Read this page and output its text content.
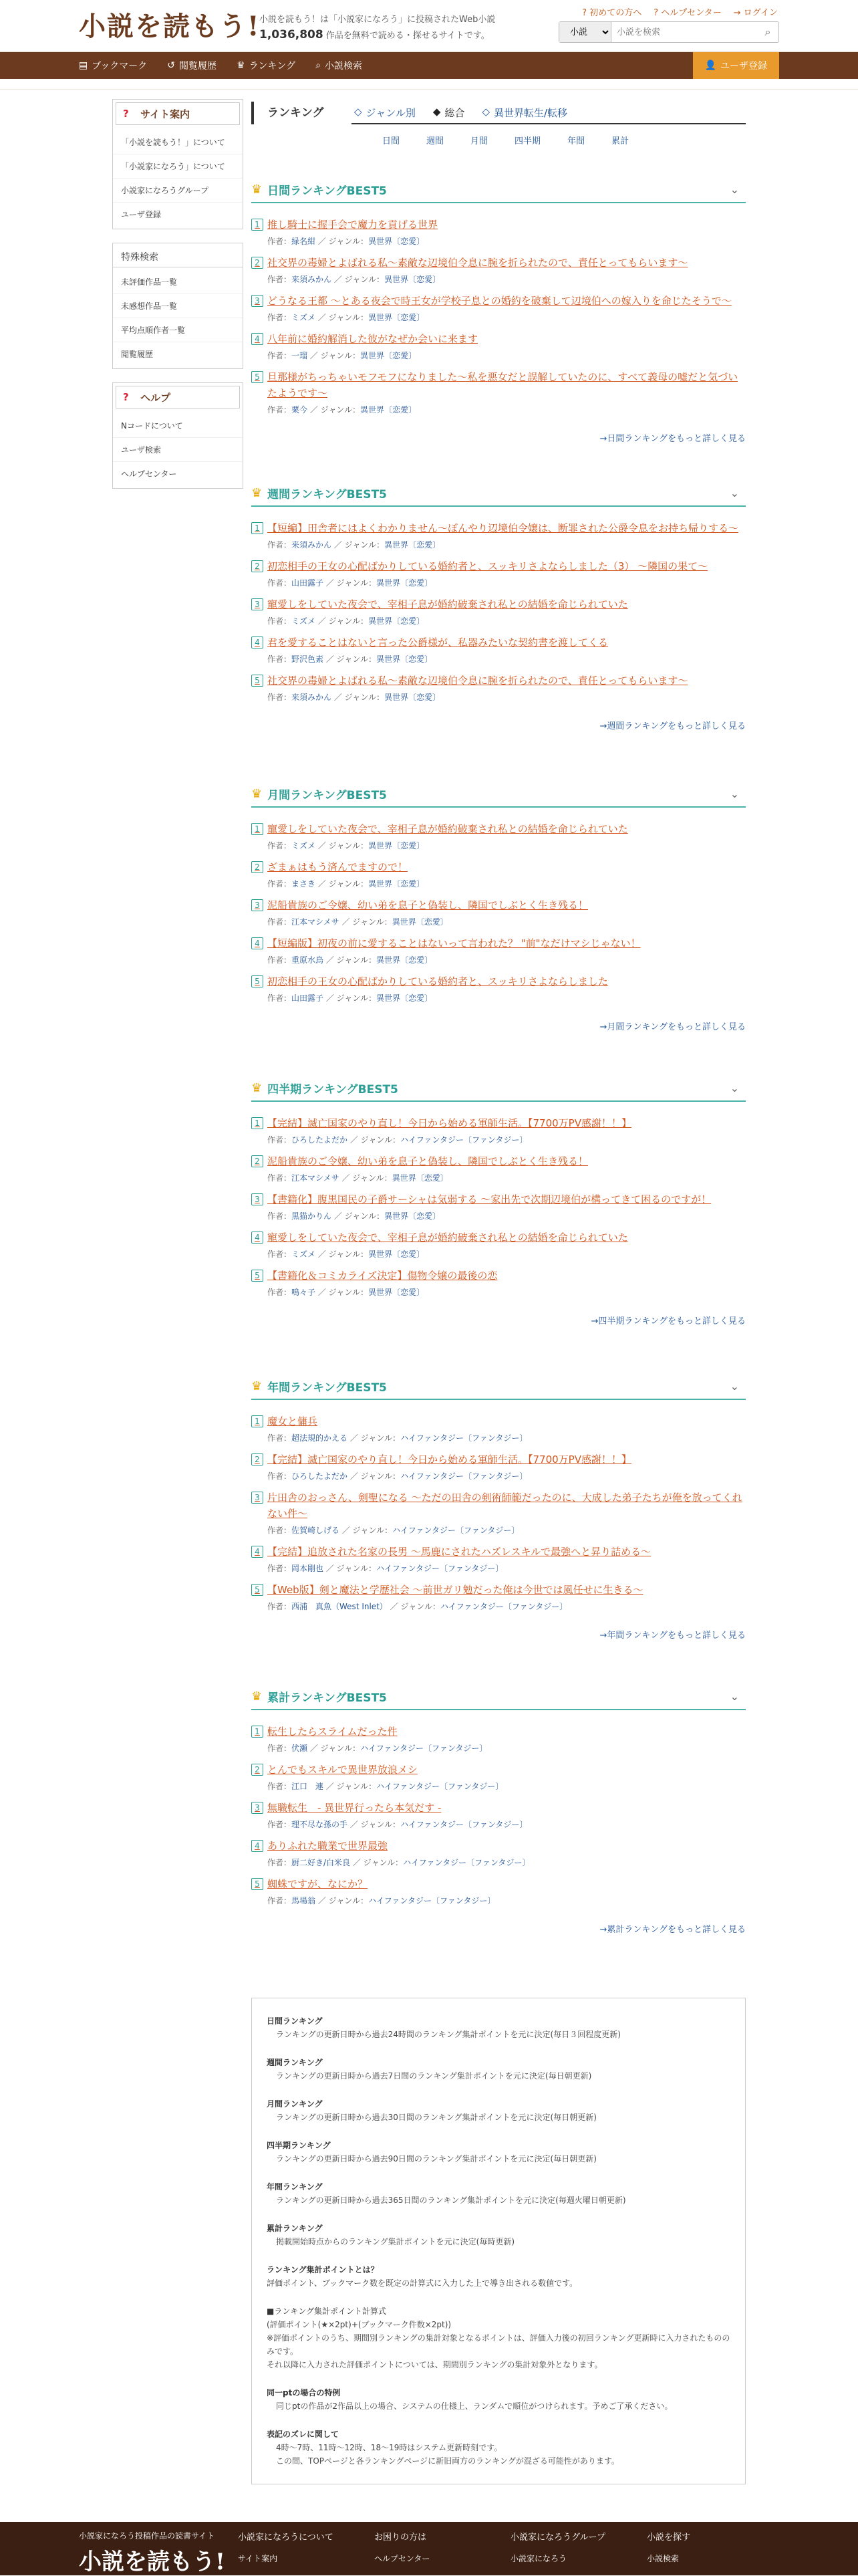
小説を読もう!
小説を読もう！は「小説家になろう」に投稿されたWeb小説
1,036,808 作品を無料で読める・探せるサイトです。
? 初めての方へ ? ヘルプセンター → ログイン
小説
小説を検索
⌕
▤ ブックマーク ↺ 閲覧履歴 ♛ ランキング ⌕ 小説検索	👤 ユーザ登録
?	サイト案内
「小説を読もう！」について
「小説家になろう」について
小説家になろうグループ
ユーザ登録
特殊検索
未評価作品一覧
未感想作品一覧
平均点順作者一覧
閲覧履歴
?	ヘルプ
Nコードについて
ユーザ検索
ヘルプセンター
ランキング	◇ ジャンル別 ◆ 総合 ◇ 異世界転生/転移
日間	週間	月間	四半期	年間	累計
♛ 日間ランキングBEST5	⌄
1 推し騎士に握手会で魔力を貢げる世界
作者：緑名紺 ／ ジャンル：異世界〔恋愛〕
2 社交界の毒婦とよばれる私〜素敵な辺境伯令息に腕を折られたので、責任とってもらいます〜
作者：来須みかん ／ ジャンル：異世界〔恋愛〕
3 どうなる王都 〜とある夜会で時王女が学校子息との婚約を破棄して辺境伯への嫁入りを命じたそうで〜
作者：ミズメ ／ ジャンル：異世界〔恋愛〕
4 八年前に婚約解消した彼がなぜか会いに来ます
作者：一瑠 ／ ジャンル：異世界〔恋愛〕
5 旦那様がちっちゃいモフモフになりました〜私を悪女だと誤解していたのに、すべて義母の嘘だと気づいたようです〜
作者：栗今 ／ ジャンル：異世界〔恋愛〕
→日間ランキングをもっと詳しく見る
♛ 週間ランキングBEST5	⌄
1 【短編】田舎者にはよくわかりません〜ぼんやり辺境伯令嬢は、断罪された公爵令息をお持ち帰りする〜
作者：来須みかん ／ ジャンル：異世界〔恋愛〕
2 初恋相手の王女の心配ばかりしている婚約者と、スッキリさよならしました（3） 〜隣国の果て〜
作者：山田露子 ／ ジャンル：異世界〔恋愛〕
3 寵愛しをしていた夜会で、宰相子息が婚約破棄され私との結婚を命じられていた
作者：ミズメ ／ ジャンル：異世界〔恋愛〕
4 君を愛することはないと言った公爵様が、私器みたいな契約書を渡してくる
作者：野沢色素 ／ ジャンル：異世界〔恋愛〕
5 社交界の毒婦とよばれる私〜素敵な辺境伯令息に腕を折られたので、責任とってもらいます〜
作者：来須みかん ／ ジャンル：異世界〔恋愛〕
→週間ランキングをもっと詳しく見る
♛ 月間ランキングBEST5	⌄
1 寵愛しをしていた夜会で、宰相子息が婚約破棄され私との結婚を命じられていた
作者：ミズメ ／ ジャンル：異世界〔恋愛〕
2 ざまぁはもう済んでますので！
作者：まさき ／ ジャンル：異世界〔恋愛〕
3 泥船貴族のご令嬢、幼い弟を息子と偽装し、隣国でしぶとく生き残る！
作者：江本マシメサ ／ ジャンル：異世界〔恋愛〕
4 【短編版】初夜の前に愛することはないって言われた？ "前"なだけマシじゃない！
作者：重原水鳥 ／ ジャンル：異世界〔恋愛〕
5 初恋相手の王女の心配ばかりしている婚約者と、スッキリさよならしました
作者：山田露子 ／ ジャンル：異世界〔恋愛〕
→月間ランキングをもっと詳しく見る
♛ 四半期ランキングBEST5	⌄
1 【完結】滅亡国家のやり直し！今日から始める軍師生活。【7700万PV感謝！！】
作者：ひろしたよだか ／ ジャンル：ハイファンタジー〔ファンタジー〕
2 泥船貴族のご令嬢、幼い弟を息子と偽装し、隣国でしぶとく生き残る！
作者：江本マシメサ ／ ジャンル：異世界〔恋愛〕
3 【書籍化】腹黒国民の子爵サーシャは気弱する 〜家出先で次期辺境伯が構ってきて困るのですが！
作者：黒猫かりん ／ ジャンル：異世界〔恋愛〕
4 寵愛しをしていた夜会で、宰相子息が婚約破棄され私との結婚を命じられていた
作者：ミズメ ／ ジャンル：異世界〔恋愛〕
5 【書籍化＆コミカライズ決定】傷物令嬢の最後の恋
作者：鳴々子 ／ ジャンル：異世界〔恋愛〕
→四半期ランキングをもっと詳しく見る
♛ 年間ランキングBEST5	⌄
1 魔女と傭兵
作者：超法規的かえる ／ ジャンル：ハイファンタジー〔ファンタジー〕
2 【完結】滅亡国家のやり直し！今日から始める軍師生活。【7700万PV感謝！！】
作者：ひろしたよだか ／ ジャンル：ハイファンタジー〔ファンタジー〕
3 片田舎のおっさん、剣聖になる 〜ただの田舎の剣術師範だったのに、大成した弟子たちが俺を放ってくれない件〜
作者：佐賀崎しげる ／ ジャンル：ハイファンタジー〔ファンタジー〕
4 【完結】追放された名家の長男 〜馬鹿にされたハズレスキルで最強へと昇り詰める〜
作者：岡本剛也 ／ ジャンル：ハイファンタジー〔ファンタジー〕
5 【Web版】剣と魔法と学歴社会 〜前世ガリ勉だった俺は今世では風任せに生きる〜
作者：西浦　真魚（West Inlet） ／ ジャンル：ハイファンタジー〔ファンタジー〕
→年間ランキングをもっと詳しく見る
♛ 累計ランキングBEST5	⌄
1 転生したらスライムだった件
作者：伏瀬 ／ ジャンル：ハイファンタジー〔ファンタジー〕
2 とんでもスキルで異世界放浪メシ
作者：江口　連 ／ ジャンル：ハイファンタジー〔ファンタジー〕
3 無職転生　- 異世界行ったら本気だす -
作者：理不尽な孫の手 ／ ジャンル：ハイファンタジー〔ファンタジー〕
4 ありふれた職業で世界最強
作者：厨二好き/白米良 ／ ジャンル：ハイファンタジー〔ファンタジー〕
5 蜘蛛ですが、なにか？
作者：馬場翁 ／ ジャンル：ハイファンタジー〔ファンタジー〕
→累計ランキングをもっと詳しく見る
日間ランキング
ランキングの更新日時から過去24時間のランキング集計ポイントを元に決定(毎日３回程度更新)
週間ランキング
ランキングの更新日時から過去7日間のランキング集計ポイントを元に決定(毎日朝更新)
月間ランキング
ランキングの更新日時から過去30日間のランキング集計ポイントを元に決定(毎日朝更新)
四半期ランキング
ランキングの更新日時から過去90日間のランキング集計ポイントを元に決定(毎日朝更新)
年間ランキング
ランキングの更新日時から過去365日間のランキング集計ポイントを元に決定(毎週火曜日朝更新)
累計ランキング
掲載開始時点からのランキング集計ポイントを元に決定(毎時更新)
ランキング集計ポイントとは？
評価ポイント、ブックマーク数を既定の計算式に入力した上で導き出される数値です。
■ランキング集計ポイント計算式
(評価ポイント(★×2pt)+(ブックマーク件数×2pt))
※評価ポイントのうち、期間別ランキングの集計対象となるポイントは、評価入力後の初回ランキング更新時に入力されたもののみです。
それ以降に入力された評価ポイントについては、期間別ランキングの集計対象外となります。
同一ptの場合の特例
同じptの作品が2作品以上の場合、システムの仕様上、ランダムで順位がつけられます。予めご了承ください。
表記のズレに関して
4時〜7時、11時〜12時、18〜19時はシステム更新時刻です。
この間、TOPページと各ランキングページに新旧両方のランキングが混ざる可能性があります。
小説家になろう投稿作品の読書サイト
小説を読もう!
小説家になろうについて	お困りの方は	小説家になろうグループ	小説を探す
サイト案内	ヘルプセンター	小説家になろう	小説検索
